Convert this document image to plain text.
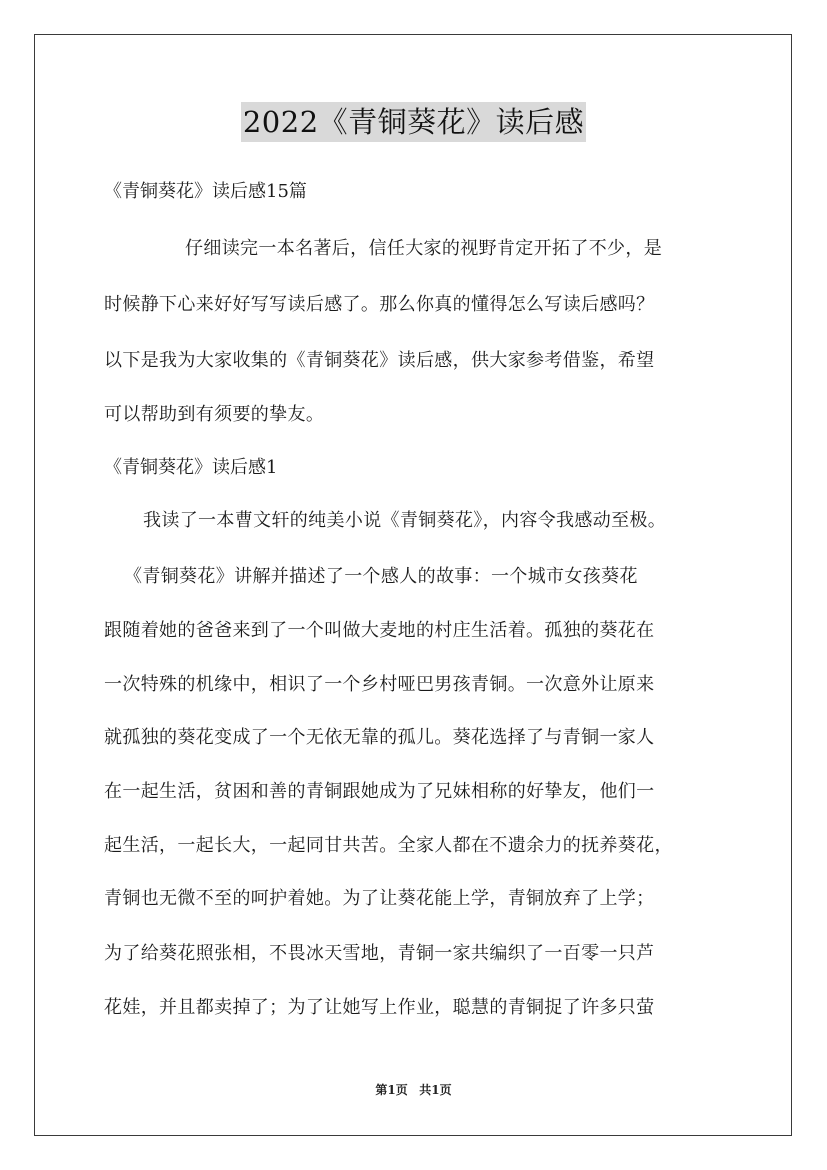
2022《青铜葵花》读后感
《青铜葵花》读后感15篇
仔细读完一本名著后，信任大家的视野肯定开拓了不少，是
时候静下心来好好写写读后感了。那么你真的懂得怎么写读后感吗？
以下是我为大家收集的《青铜葵花》读后感，供大家参考借鉴，希望
可以帮助到有须要的挚友。
《青铜葵花》读后感1
我读了一本曹文轩的纯美小说《青铜葵花》，内容令我感动至极。
《青铜葵花》讲解并描述了一个感人的故事：一个城市女孩葵花
跟随着她的爸爸来到了一个叫做大麦地的村庄生活着。孤独的葵花在
一次特殊的机缘中，相识了一个乡村哑巴男孩青铜。一次意外让原来
就孤独的葵花变成了一个无依无靠的孤儿。葵花选择了与青铜一家人
在一起生活，贫困和善的青铜跟她成为了兄妹相称的好挚友，他们一
起生活，一起长大，一起同甘共苦。全家人都在不遗余力的抚养葵花，
青铜也无微不至的呵护着她。为了让葵花能上学，青铜放弃了上学；
为了给葵花照张相，不畏冰天雪地，青铜一家共编织了一百零一只芦
花娃，并且都卖掉了；为了让她写上作业，聪慧的青铜捉了许多只萤
第1页 共1页
